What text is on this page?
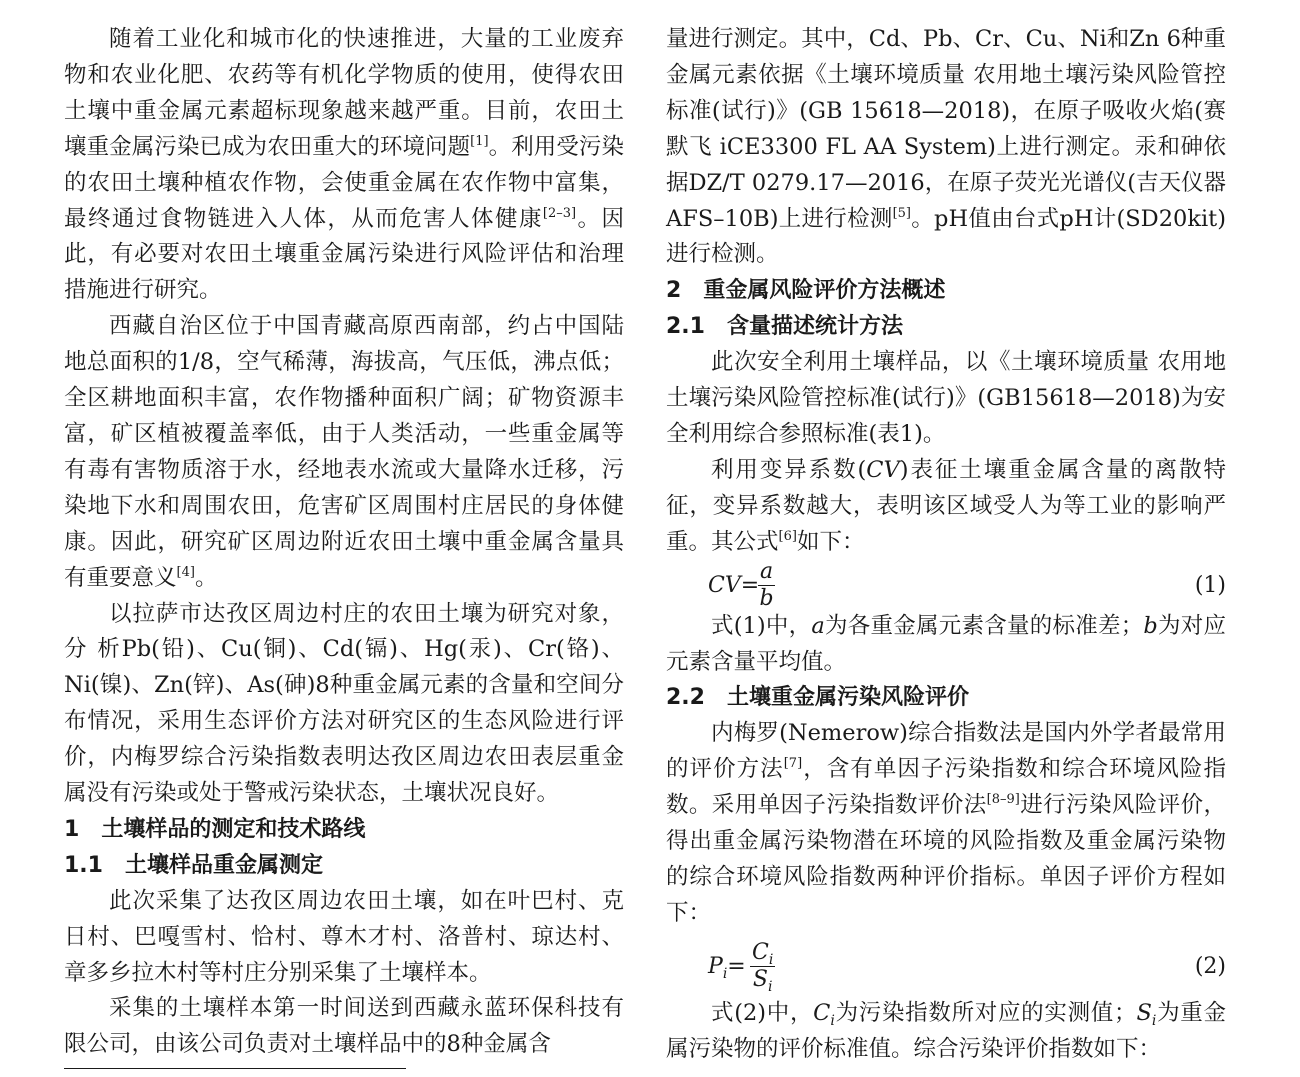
随着工业化和城市化的快速推进，大量的工业废弃物和农业化肥、农药等有机化学物质的使用，使得农田土壤中重金属元素超标现象越来越严重。目前，农田土壤重金属污染已成为农田重大的环境问题[1]。利用受污染的农田土壤种植农作物，会使重金属在农作物中富集，最终通过食物链进入人体，从而危害人体健康[2–3]。因此，有必要对农田土壤重金属污染进行风险评估和治理措施进行研究。

西藏自治区位于中国青藏高原西南部，约占中国陆地总面积的1/8，空气稀薄，海拔高，气压低，沸点低；全区耕地面积丰富，农作物播种面积广阔；矿物资源丰富，矿区植被覆盖率低，由于人类活动，一些重金属等有毒有害物质溶于水，经地表水流或大量降水迁移，污染地下水和周围农田，危害矿区周围村庄居民的身体健康。因此，研究矿区周边附近农田土壤中重金属含量具有重要意义[4]。

以拉萨市达孜区周边村庄的农田土壤为研究对象，分 析Pb(铅)、Cu(铜)、Cd(镉)、Hg(汞)、Cr(铬)、Ni(镍)、Zn(锌)、As(砷)8种重金属元素的含量和空间分布情况，采用生态评价方法对研究区的生态风险进行评价，内梅罗综合污染指数表明达孜区周边农田表层重金属没有污染或处于警戒污染状态，土壤状况良好。

1 土壤样品的测定和技术路线
1.1 土壤样品重金属测定

此次采集了达孜区周边农田土壤，如在叶巴村、克日村、巴嘎雪村、恰村、尊木才村、洛普村、琼达村、章多乡拉木村等村庄分别采集了土壤样本。

采集的土壤样本第一时间送到西藏永蓝环保科技有限公司，由该公司负责对土壤样品中的8种金属含

量进行测定。其中，Cd、Pb、Cr、Cu、Ni和Zn 6种重金属元素依据《土壤环境质量 农用地土壤污染风险管控标准(试行)》(GB 15618—2018)，在原子吸收火焰(赛默飞 iCE3300 FL AA System)上进行测定。汞和砷依据DZ/T 0279.17—2016，在原子荧光光谱仪(吉天仪器AFS–10B)上进行检测[5]。pH值由台式pH计(SD20kit)进行检测。

2 重金属风险评价方法概述
2.1 含量描述统计方法

此次安全利用土壤样品，以《土壤环境质量 农用地土壤污染风险管控标准(试行)》(GB15618—2018)为安全利用综合参照标准(表1)。

利用变异系数(CV)表征土壤重金属含量的离散特征，变异系数越大，表明该区域受人为等工业的影响严重。其公式[6]如下：

CV=
$\frac{a}{b}$	(1)

式(1)中，a为各重金属元素含量的标准差；b为对应元素含量平均值。

2.2 土壤重金属污染风险评价

内梅罗(Nemerow)综合指数法是国内外学者最常用的评价方法[7]，含有单因子污染指数和综合环境风险指数。采用单因子污染指数评价法[8–9]进行污染风险评价，得出重金属污染物潜在环境的风险指数及重金属污染物的综合环境风险指数两种评价指标。单因子评价方程如下：

$P_i= \frac{C_i}{S_i}$	(2)

式(2)中，$C_i$为污染指数所对应的实测值；$S_i$为重金属污染物的评价标准值。综合污染评价指数如下：
